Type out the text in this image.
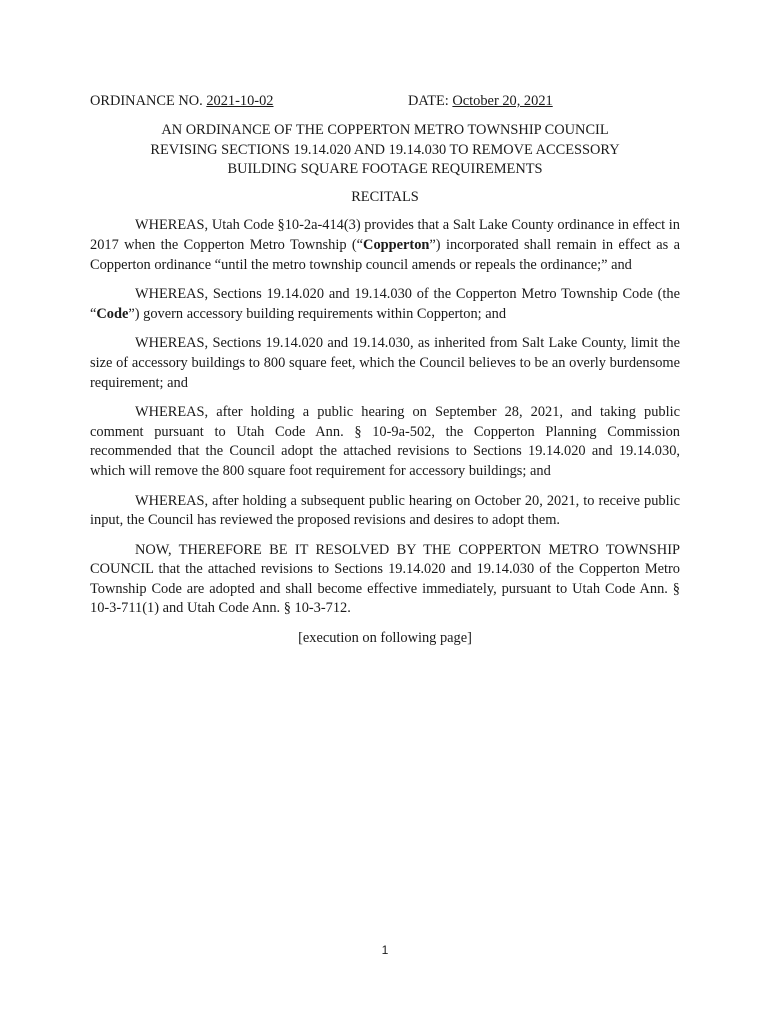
ORDINANCE NO. 2021-10-02	DATE: October 20, 2021
AN ORDINANCE OF THE COPPERTON METRO TOWNSHIP COUNCIL
REVISING SECTIONS 19.14.020 AND 19.14.030 TO REMOVE ACCESSORY
BUILDING SQUARE FOOTAGE REQUIREMENTS
RECITALS

WHEREAS, Utah Code §10-2a-414(3) provides that a Salt Lake County ordinance in effect in 2017 when the Copperton Metro Township (“Copperton”) incorporated shall remain in effect as a Copperton ordinance “until the metro township council amends or repeals the ordinance;” and

WHEREAS, Sections 19.14.020 and 19.14.030 of the Copperton Metro Township Code (the “Code”) govern accessory building requirements within Copperton; and

WHEREAS, Sections 19.14.020 and 19.14.030, as inherited from Salt Lake County, limit the size of accessory buildings to 800 square feet, which the Council believes to be an overly burdensome requirement; and

WHEREAS, after holding a public hearing on September 28, 2021, and taking public comment pursuant to Utah Code Ann. § 10-9a-502, the Copperton Planning Commission recommended that the Council adopt the attached revisions to Sections 19.14.020 and 19.14.030, which will remove the 800 square foot requirement for accessory buildings; and

WHEREAS, after holding a subsequent public hearing on October 20, 2021, to receive public input, the Council has reviewed the proposed revisions and desires to adopt them.

NOW, THEREFORE BE IT RESOLVED BY THE COPPERTON METRO TOWNSHIP COUNCIL that the attached revisions to Sections 19.14.020 and 19.14.030 of the Copperton Metro Township Code are adopted and shall become effective immediately, pursuant to Utah Code Ann. § 10-3-711(1) and Utah Code Ann. § 10-3-712.

[execution on following page]
1
